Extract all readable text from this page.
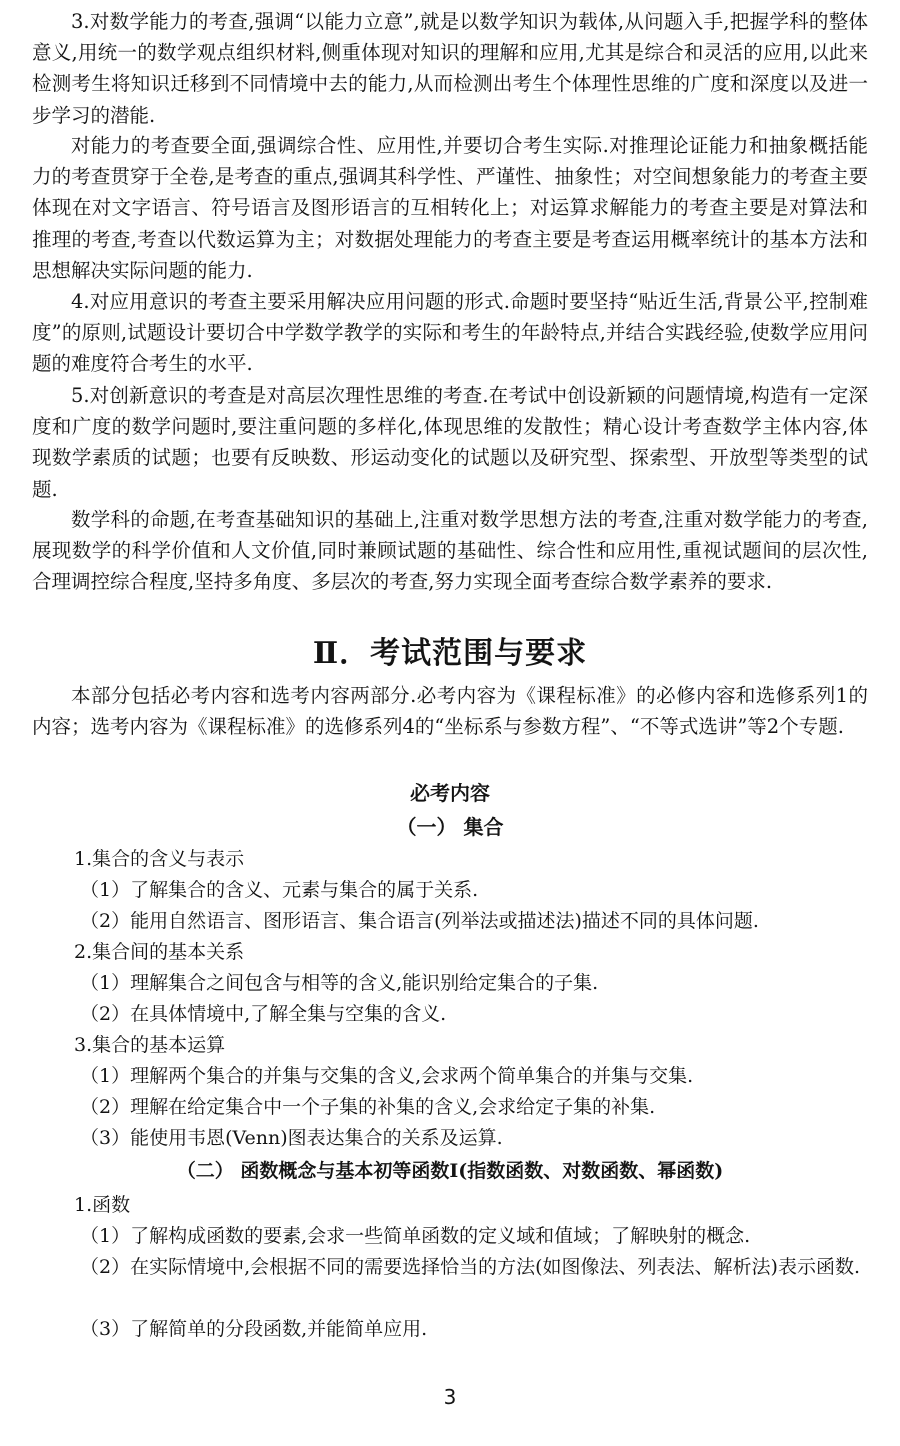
3.对数学能力的考查,强调“以能力立意”,就是以数学知识为载体,从问题入手,把握学科的整体意义,用统一的数学观点组织材料,侧重体现对知识的理解和应用,尤其是综合和灵活的应用,以此来检测考生将知识迁移到不同情境中去的能力,从而检测出考生个体理性思维的广度和深度以及进一步学习的潜能.

对能力的考查要全面,强调综合性、应用性,并要切合考生实际.对推理论证能力和抽象概括能力的考查贯穿于全卷,是考查的重点,强调其科学性、严谨性、抽象性；对空间想象能力的考查主要体现在对文字语言、符号语言及图形语言的互相转化上；对运算求解能力的考查主要是对算法和推理的考查,考查以代数运算为主；对数据处理能力的考查主要是考查运用概率统计的基本方法和思想解决实际问题的能力.

4.对应用意识的考查主要采用解决应用问题的形式.命题时要坚持“贴近生活,背景公平,控制难度”的原则,试题设计要切合中学数学教学的实际和考生的年龄特点,并结合实践经验,使数学应用问题的难度符合考生的水平.

5.对创新意识的考查是对高层次理性思维的考查.在考试中创设新颖的问题情境,构造有一定深度和广度的数学问题时,要注重问题的多样化,体现思维的发散性；精心设计考查数学主体内容,体现数学素质的试题；也要有反映数、形运动变化的试题以及研究型、探索型、开放型等类型的试题.

数学科的命题,在考查基础知识的基础上,注重对数学思想方法的考查,注重对数学能力的考查,展现数学的科学价值和人文价值,同时兼顾试题的基础性、综合性和应用性,重视试题间的层次性,合理调控综合程度,坚持多角度、多层次的考查,努力实现全面考查综合数学素养的要求.

Ⅱ．考试范围与要求

本部分包括必考内容和选考内容两部分.必考内容为《课程标准》的必修内容和选修系列1的内容；选考内容为《课程标准》的选修系列4的“坐标系与参数方程”、“不等式选讲”等2个专题.

必考内容
（一） 集合

1.集合的含义与表示

（1）了解集合的含义、元素与集合的属于关系.

（2）能用自然语言、图形语言、集合语言(列举法或描述法)描述不同的具体问题.

2.集合间的基本关系

（1）理解集合之间包含与相等的含义,能识别给定集合的子集.

（2）在具体情境中,了解全集与空集的含义.

3.集合的基本运算

（1）理解两个集合的并集与交集的含义,会求两个简单集合的并集与交集.

（2）理解在给定集合中一个子集的补集的含义,会求给定子集的补集.

（3）能使用韦恩(Venn)图表达集合的关系及运算.

（二） 函数概念与基本初等函数Ⅰ(指数函数、对数函数、幂函数)

1.函数

（1）了解构成函数的要素,会求一些简单函数的定义域和值域；了解映射的概念.

（2）在实际情境中,会根据不同的需要选择恰当的方法(如图像法、列表法、解析法)表示函数.

（3）了解简单的分段函数,并能简单应用.

3
